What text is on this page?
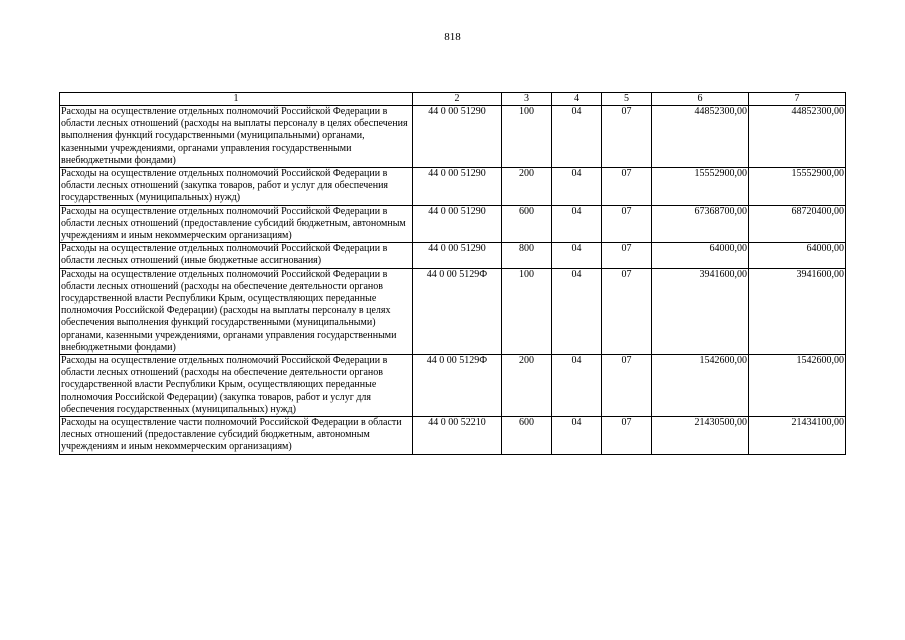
818
1	2	3	4	5	6	7
Расходы на осуществление отдельных полномочий Российской Федерации в области лесных отношений (расходы на выплаты персоналу в целях обеспечения выполнения функций государственными (муниципальными) органами, казенными учреждениями, органами управления государственными внебюджетными фондами)	44 0 00 51290	100	04	07	44852300,00	44852300,00
Расходы на осуществление отдельных полномочий Российской Федерации в области лесных отношений (закупка товаров, работ и услуг для обеспечения государственных (муниципальных) нужд)	44 0 00 51290	200	04	07	15552900,00	15552900,00
Расходы на осуществление отдельных полномочий Российской Федерации в области лесных отношений (предоставление субсидий бюджетным, автономным учреждениям и иным некоммерческим организациям)	44 0 00 51290	600	04	07	67368700,00	68720400,00
Расходы на осуществление отдельных полномочий Российской Федерации в области лесных отношений (иные бюджетные ассигнования)	44 0 00 51290	800	04	07	64000,00	64000,00
Расходы на осуществление отдельных полномочий Российской Федерации в области лесных отношений (расходы на обеспечение деятельности органов государственной власти Республики Крым, осуществляющих переданные полномочия Российской Федерации) (расходы на выплаты персоналу в целях обеспечения выполнения функций государственными (муниципальными) органами, казенными учреждениями, органами управления государственными внебюджетными фондами)	44 0 00 5129Ф	100	04	07	3941600,00	3941600,00
Расходы на осуществление отдельных полномочий Российской Федерации в области лесных отношений (расходы на обеспечение деятельности органов государственной власти Республики Крым, осуществляющих переданные полномочия Российской Федерации) (закупка товаров, работ и услуг для обеспечения государственных (муниципальных) нужд)	44 0 00 5129Ф	200	04	07	1542600,00	1542600,00
Расходы на осуществление части полномочий Российской Федерации в области лесных отношений (предоставление субсидий бюджетным, автономным учреждениям и иным некоммерческим организациям)	44 0 00 52210	600	04	07	21430500,00	21434100,00
